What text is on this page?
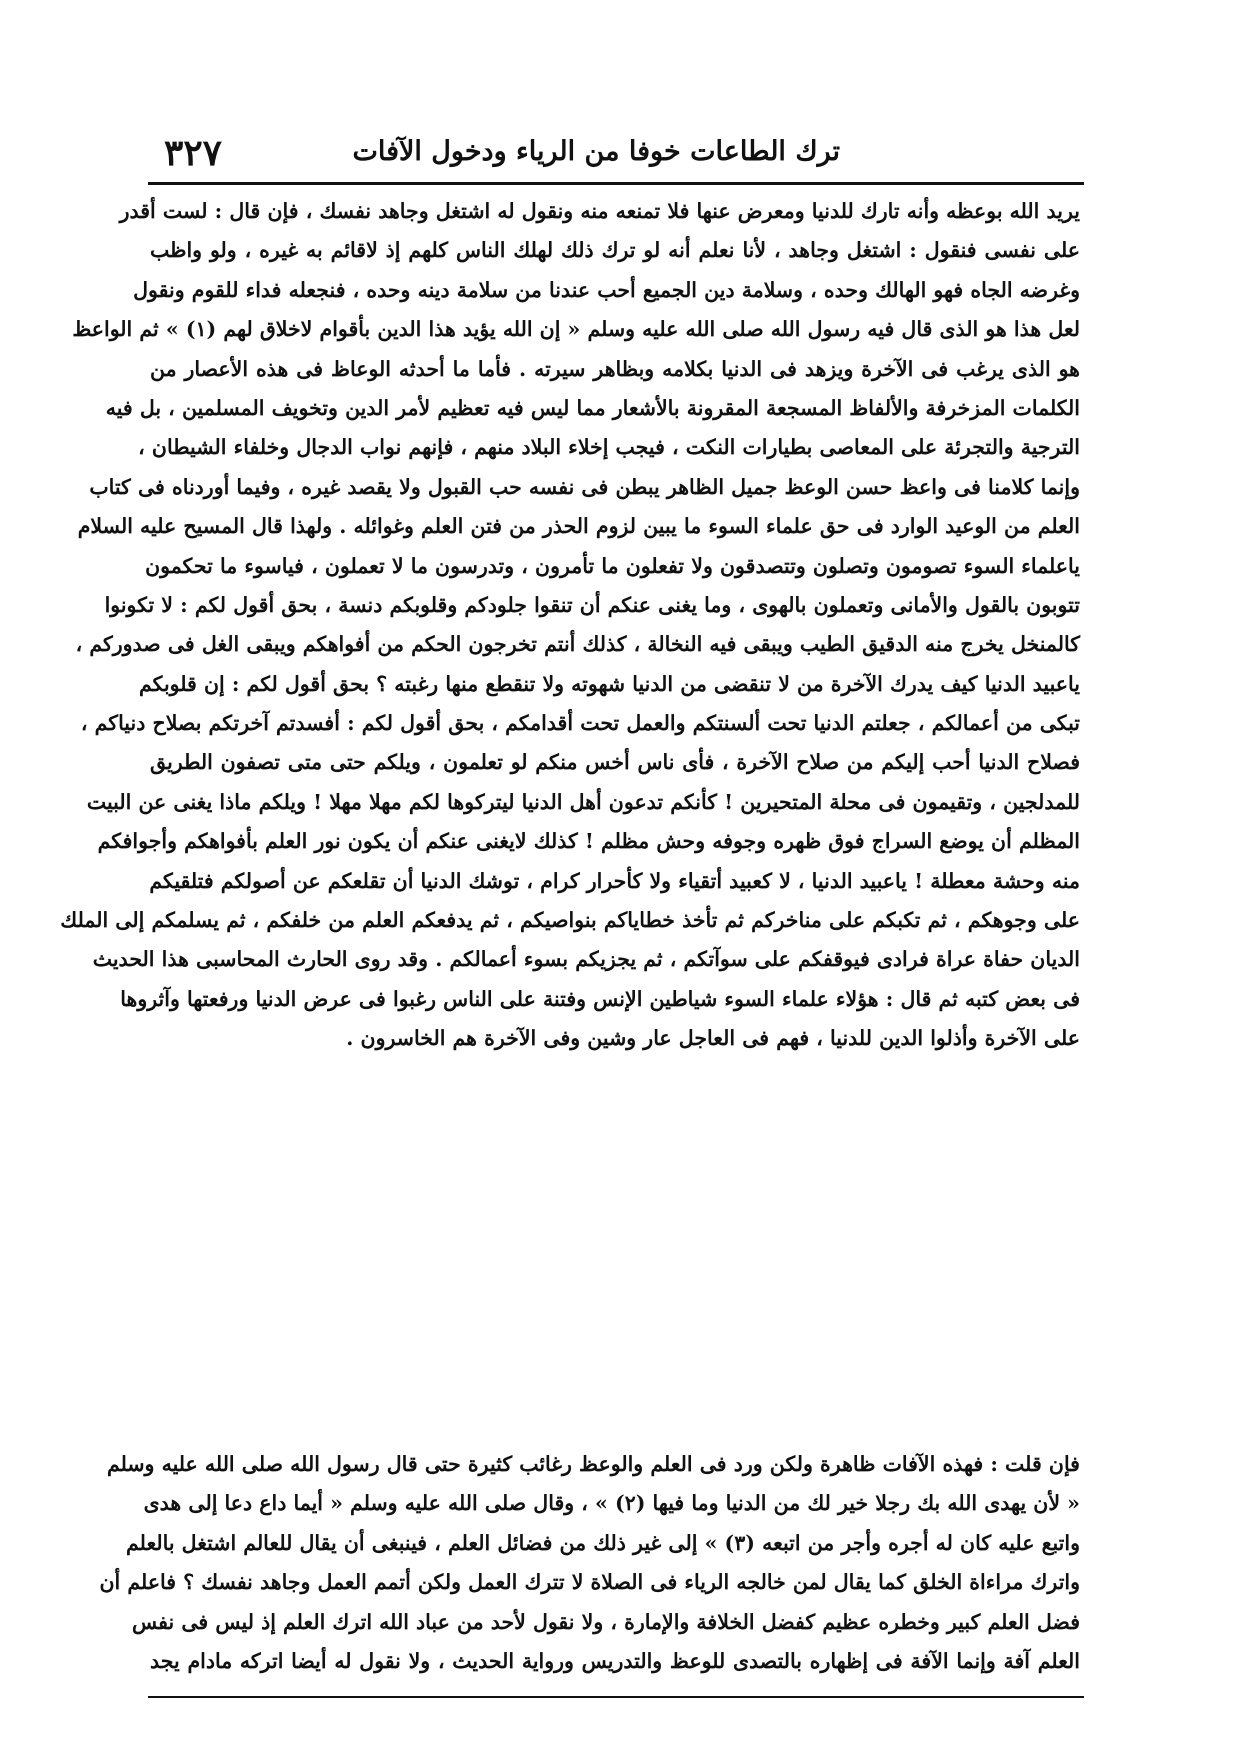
ترك الطاعات خوفا من الرياء ودخول الآفات
٣٢٧
يريد الله بوعظه وأنه تارك للدنيا ومعرض عنها فلا تمنعه منه ونقول له اشتغل وجاهد نفسك ، فإن قال : لست أقدر
على نفسى فنقول : اشتغل وجاهد ، لأنا نعلم أنه لو ترك ذلك لهلك الناس كلهم إذ لاقائم به غيره ، ولو واظب
وغرضه الجاه فهو الهالك وحده ، وسلامة دين الجميع أحب عندنا من سلامة دينه وحده ، فنجعله فداء للقوم ونقول
لعل هذا هو الذى قال فيه رسول الله صلى الله عليه وسلم « إن الله يؤيد هذا الدين بأقوام لاخلاق لهم (١) » ثم الواعظ
هو الذى يرغب فى الآخرة ويزهد فى الدنيا بكلامه وبظاهر سيرته . فأما ما أحدثه الوعاظ فى هذه الأعصار من
الكلمات المزخرفة والألفاظ المسجعة المقرونة بالأشعار مما ليس فيه تعظيم لأمر الدين وتخويف المسلمين ، بل فيه
الترجية والتجرئة على المعاصى بطيارات النكت ، فيجب إخلاء البلاد منهم ، فإنهم نواب الدجال وخلفاء الشيطان ،
وإنما كلامنا فى واعظ حسن الوعظ جميل الظاهر يبطن فى نفسه حب القبول ولا يقصد غيره ، وفيما أوردناه فى كتاب
العلم من الوعيد الوارد فى حق علماء السوء ما يبين لزوم الحذر من فتن العلم وغوائله . ولهذا قال المسيح عليه السلام
ياعلماء السوء تصومون وتصلون وتتصدقون ولا تفعلون ما تأمرون ، وتدرسون ما لا تعملون ، فياسوء ما تحكمون
تتوبون بالقول والأمانى وتعملون بالهوى ، وما يغنى عنكم أن تنقوا جلودكم وقلوبكم دنسة ، بحق أقول لكم : لا تكونوا
كالمنخل يخرج منه الدقيق الطيب ويبقى فيه النخالة ، كذلك أنتم تخرجون الحكم من أفواهكم ويبقى الغل فى صدوركم ،
ياعبيد الدنيا كيف يدرك الآخرة من لا تنقضى من الدنيا شهوته ولا تنقطع منها رغبته ؟ بحق أقول لكم : إن قلوبكم
تبكى من أعمالكم ، جعلتم الدنيا تحت ألسنتكم والعمل تحت أقدامكم ، بحق أقول لكم : أفسدتم آخرتكم بصلاح دنياكم ،
فصلاح الدنيا أحب إليكم من صلاح الآخرة ، فأى ناس أخس منكم لو تعلمون ، ويلكم حتى متى تصفون الطريق
للمدلجين ، وتقيمون فى محلة المتحيرين ! كأنكم تدعون أهل الدنيا ليتركوها لكم مهلا مهلا ! ويلكم ماذا يغنى عن البيت
المظلم أن يوضع السراج فوق ظهره وجوفه وحش مظلم ! كذلك لايغنى عنكم أن يكون نور العلم بأفواهكم وأجوافكم
منه وحشة معطلة ! ياعبيد الدنيا ، لا كعبيد أتقياء ولا كأحرار كرام ، توشك الدنيا أن تقلعكم عن أصولكم فتلقيكم
على وجوهكم ، ثم تكبكم على مناخركم ثم تأخذ خطاياكم بنواصيكم ، ثم يدفعكم العلم من خلفكم ، ثم يسلمكم إلى الملك
الديان حفاة عراة فرادى فيوقفكم على سوآتكم ، ثم يجزيكم بسوء أعمالكم . وقد روى الحارث المحاسبى هذا الحديث
فى بعض كتبه ثم قال : هؤلاء علماء السوء شياطين الإنس وفتنة على الناس رغبوا فى عرض الدنيا ورفعتها وآثروها
على الآخرة وأذلوا الدين للدنيا ، فهم فى العاجل عار وشين وفى الآخرة هم الخاسرون .
فإن قلت : فهذه الآفات ظاهرة ولكن ورد فى العلم والوعظ رغائب كثيرة حتى قال رسول الله صلى الله عليه وسلم
« لأن يهدى الله بك رجلا خير لك من الدنيا وما فيها (٢) » ، وقال صلى الله عليه وسلم « أيما داع دعا إلى هدى
واتبع عليه كان له أجره وأجر من اتبعه (٣) » إلى غير ذلك من فضائل العلم ، فينبغى أن يقال للعالم اشتغل بالعلم
واترك مراءاة الخلق كما يقال لمن خالجه الرياء فى الصلاة لا تترك العمل ولكن أتمم العمل وجاهد نفسك ؟ فاعلم أن
فضل العلم كبير وخطره عظيم كفضل الخلافة والإمارة ، ولا نقول لأحد من عباد الله اترك العلم إذ ليس فى نفس
العلم آفة وإنما الآفة فى إظهاره بالتصدى للوعظ والتدريس ورواية الحديث ، ولا نقول له أيضا اتركه مادام يجد
